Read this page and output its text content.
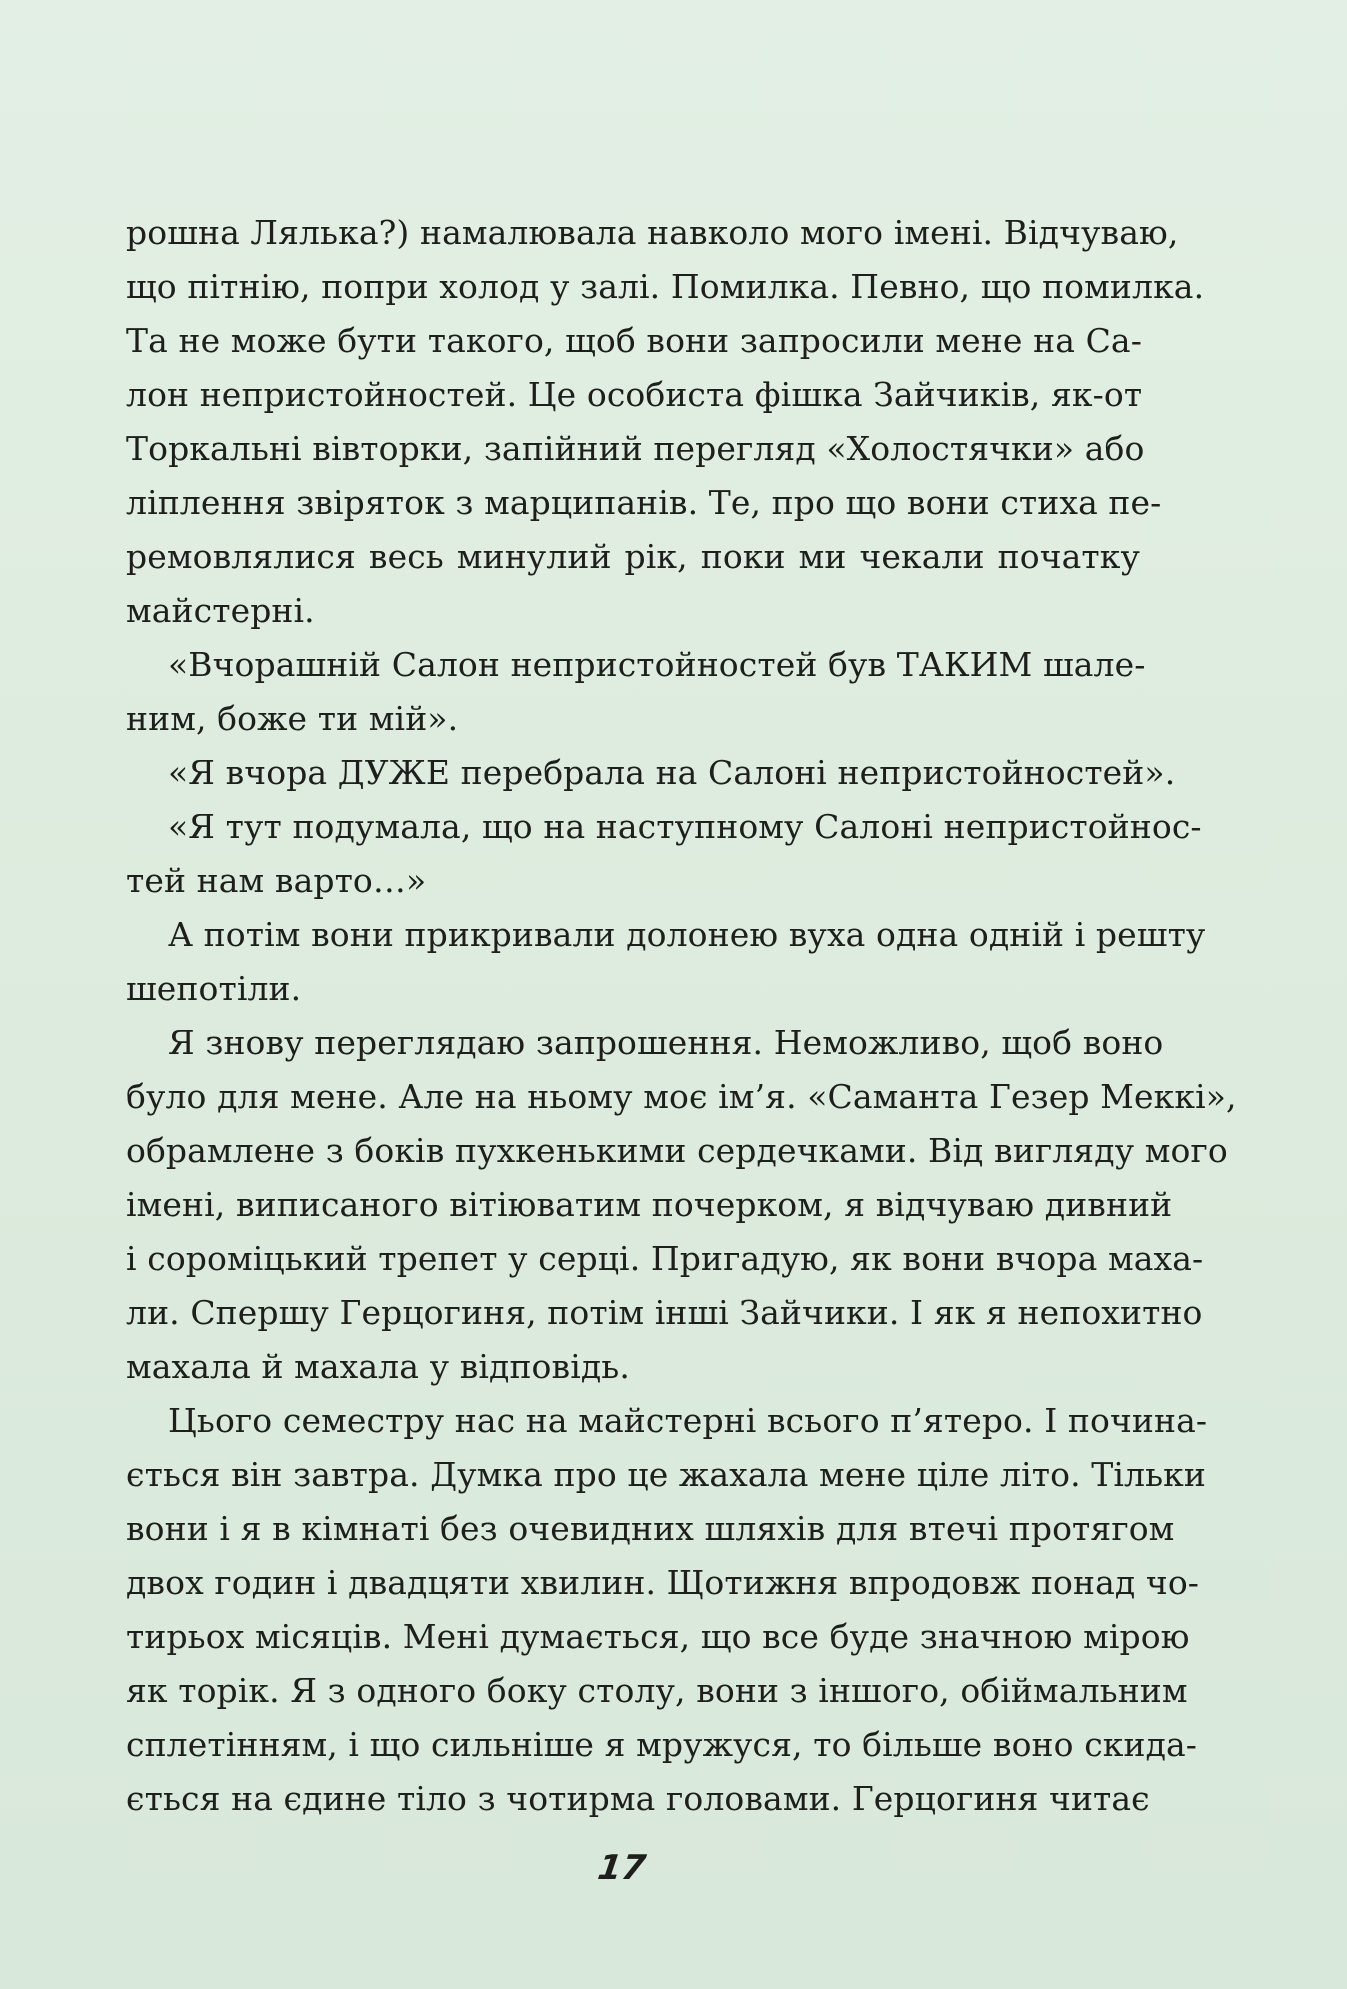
рошна Лялька?) намалювала навколо мого імені. Відчуваю,
що пітнію, попри холод у залі. Помилка. Певно, що помилка.
Та не може бути такого, щоб вони запросили мене на Са-
лон непристойностей. Це особиста фішка Зайчиків, як-от
Торкальні вівторки, запійний перегляд «Холостячки» або
ліплення звіряток з марципанів. Те, про що вони стиха пе-
ремовлялися весь минулий рік, поки ми чекали початку
майстерні.
«Вчорашній Салон непристойностей був ТАКИМ шале-
ним, боже ти мій».
«Я вчора ДУЖЕ перебрала на Салоні непристойностей».
«Я тут подумала, що на наступному Салоні непристойнос-
тей нам варто…»
А потім вони прикривали долонею вуха одна одній і решту
шепотіли.
Я знову переглядаю запрошення. Неможливо, щоб воно
було для мене. Але на ньому моє ім’я. «Саманта Гезер Меккі»,
обрамлене з боків пухкенькими сердечками. Від вигляду мого
імені, виписаного вітіюватим почерком, я відчуваю дивний
і сороміцький трепет у серці. Пригадую, як вони вчора маха-
ли. Спершу Герцогиня, потім інші Зайчики. І як я непохитно
махала й махала у відповідь.
Цього семестру нас на майстерні всього п’ятеро. І почина-
ється він завтра. Думка про це жахала мене ціле літо. Тільки
вони і я в кімнаті без очевидних шляхів для втечі протягом
двох годин і двадцяти хвилин. Щотижня впродовж понад чо-
тирьох місяців. Мені думається, що все буде значною мірою
як торік. Я з одного боку столу, вони з іншого, обіймальним
сплетінням, і що сильніше я мружуся, то більше воно скида-
ється на єдине тіло з чотирма головами. Герцогиня читає
17
